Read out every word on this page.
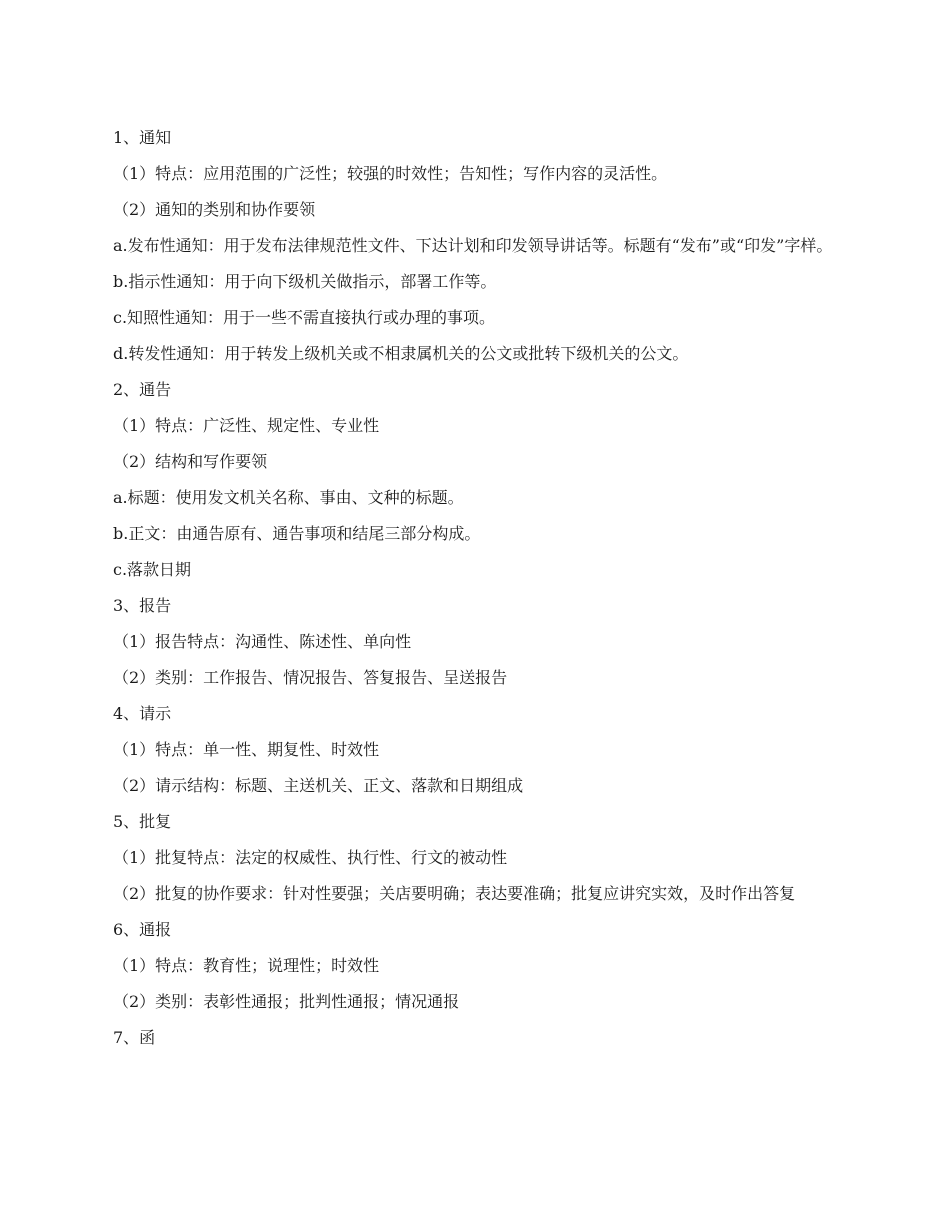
1、通知

（1）特点：应用范围的广泛性；较强的时效性；告知性；写作内容的灵活性。

（2）通知的类别和协作要领

a.发布性通知：用于发布法律规范性文件、下达计划和印发领导讲话等。标题有“发布”或“印发”字样。

b.指示性通知：用于向下级机关做指示，部署工作等。

c.知照性通知：用于一些不需直接执行或办理的事项。

d.转发性通知：用于转发上级机关或不相隶属机关的公文或批转下级机关的公文。

2、通告

（1）特点：广泛性、规定性、专业性

（2）结构和写作要领

a.标题：使用发文机关名称、事由、文种的标题。

b.正文：由通告原有、通告事项和结尾三部分构成。

c.落款日期

3、报告

（1）报告特点：沟通性、陈述性、单向性

（2）类别：工作报告、情况报告、答复报告、呈送报告

4、请示

（1）特点：单一性、期复性、时效性

（2）请示结构：标题、主送机关、正文、落款和日期组成

5、批复

（1）批复特点：法定的权威性、执行性、行文的被动性

（2）批复的协作要求：针对性要强；关店要明确；表达要准确；批复应讲究实效，及时作出答复

6、通报

（1）特点：教育性；说理性；时效性

（2）类别：表彰性通报；批判性通报；情况通报

7、函
